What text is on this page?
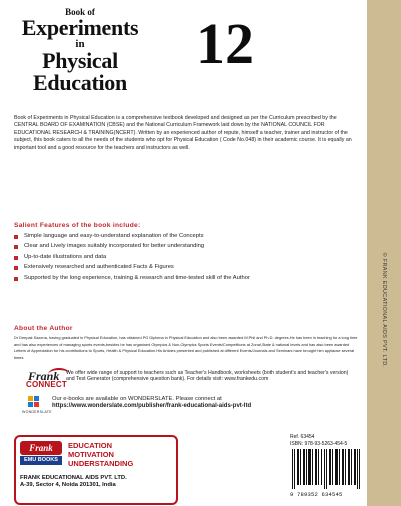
© FRANK EDUCATIONAL AIDS PVT. LTD.
Book of
Experiments
in
Physical
Education
12
Book of Experiments in Physical Education is a comprehensive textbook developed and designed as per the Curriculum prescribed by the CENTRAL BOARD OF EXAMINATION (CBSE) and the National Curriculum Framework laid down by the NATIONAL COUNCIL FOR EDUCATIONAL RESEARCH & TRAINING(NCERT). Written by an experienced author of repute, himself a teacher, trainer and instructor of the subject, this book caters to all the needs of the students who opt for Physical Education ( Code No.048) in their academic course. It is equally an important tool and a good resource for the teachers and instructors as well.
Salient Features of the book include:
Simple language and easy-to-understand explanation of the Concepts
Clear and Lively images suitably incorporated for better understanding
Up-to-date illustrations and data
Extensively researched and authenticated Facts & Figures
Supported by the long experience, training & research and time-tested skill of the Author
About the Author
Dr Deepak Saxena, having graduated in Physical Education, has obtained PG Diploma in Physical Education and also been awarded M.Phil and Ph.D. degrees.He has been in teaching for a long time and has also experiences of managing sports events,besides he has organised Olympics & Non-Olympics Sports Events/Competitions at Zonal,State & national levels and has also been awarded Letters of Appreciation for his contributions to Sports, Health & Physical Education.His Articles presented and published at different Events/Journals and Seminars have brought him applause several times.
Frank
CONNECT
We offer wide range of support to teachers such as Teacher's Handbook, worksheets (both student's and teacher's version) and Test Generator (comprehensive question bank). For details visit: www.frankedu.com
WONDERSLATE
Our e-books are available on WONDERSLATE. Please connect at
https://www.wonderslate.com/publisher/frank-educational-aids-pvt-ltd
Frank
EMU BOOKS
EDUCATION
MOTIVATION
UNDERSTANDING
FRANK EDUCATIONAL AIDS PVT. LTD.
A-39, Sector 4, Noida 201301, India
Ref. 63454
ISBN: 978-93-5263-454-5
9 789352 634545
